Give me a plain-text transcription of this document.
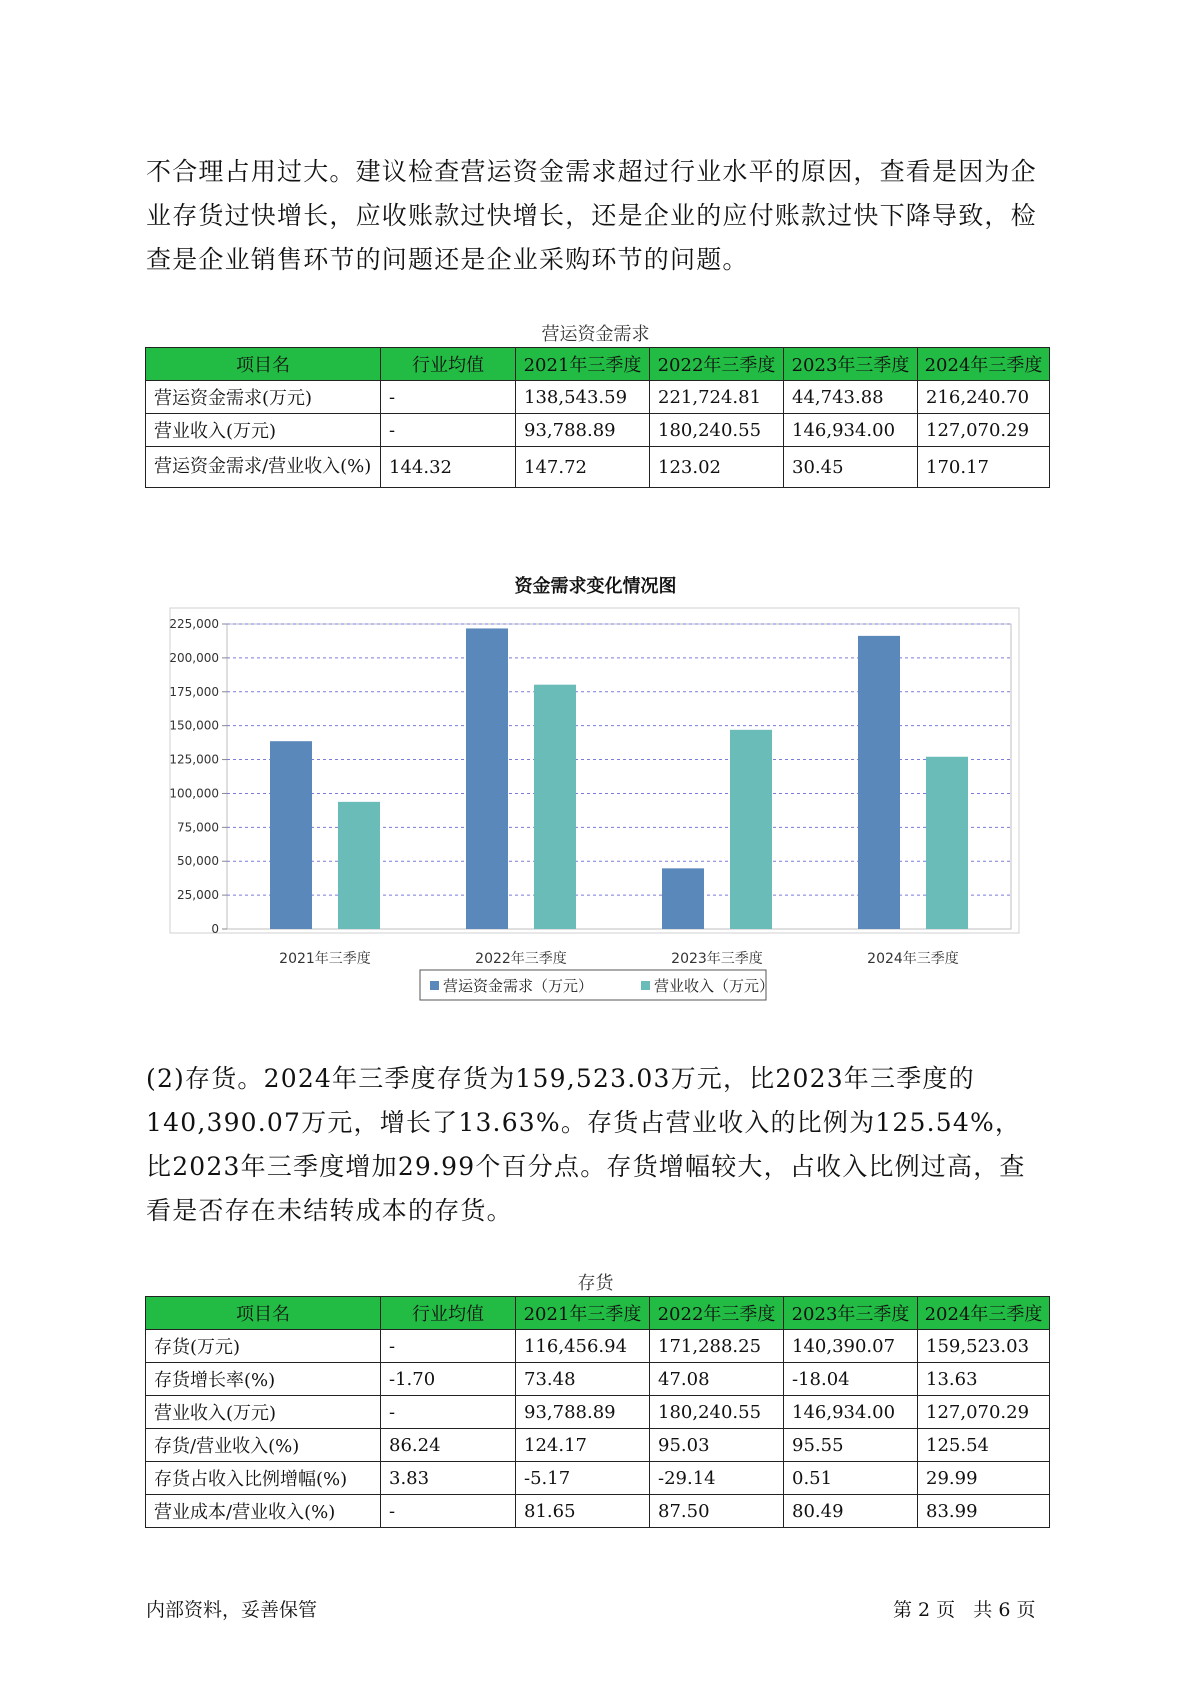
不合理占用过大。建议检查营运资金需求超过行业水平的原因，查看是因为企业存货过快增长，应收账款过快增长，还是企业的应付账款过快下降导致，检查是企业销售环节的问题还是企业采购环节的问题。

营运资金需求
项目名	行业均值	2021年三季度	2022年三季度	2023年三季度	2024年三季度
营运资金需求(万元)	-	138,543.59	221,724.81	44,743.88	216,240.70
营业收入(万元)	-	93,788.89	180,240.55	146,934.00	127,070.29
营运资金需求/营业收入(%)	144.32	147.72	123.02	30.45	170.17
资金需求变化情况图
0
25,000
50,000
75,000
100,000
125,000
150,000
175,000
200,000
225,000
2021年三季度	2022年三季度	2023年三季度	2024年三季度
营运资金需求（万元）	营业收入（万元）

(2)存货。2024年三季度存货为159,523.03万元，比2023年三季度的140,390.07万元，增长了13.63%。存货占营业收入的比例为125.54%，比2023年三季度增加29.99个百分点。存货增幅较大，占收入比例过高，查看是否存在未结转成本的存货。

存货
项目名	行业均值	2021年三季度	2022年三季度	2023年三季度	2024年三季度
存货(万元)	-	116,456.94	171,288.25	140,390.07	159,523.03
存货增长率(%)	-1.70	73.48	47.08	-18.04	13.63
营业收入(万元)	-	93,788.89	180,240.55	146,934.00	127,070.29
存货/营业收入(%)	86.24	124.17	95.03	95.55	125.54
存货占收入比例增幅(%)	3.83	-5.17	-29.14	0.51	29.99
营业成本/营业收入(%)	-	81.65	87.50	80.49	83.99
内部资料，妥善保管	第 2 页   共 6 页
